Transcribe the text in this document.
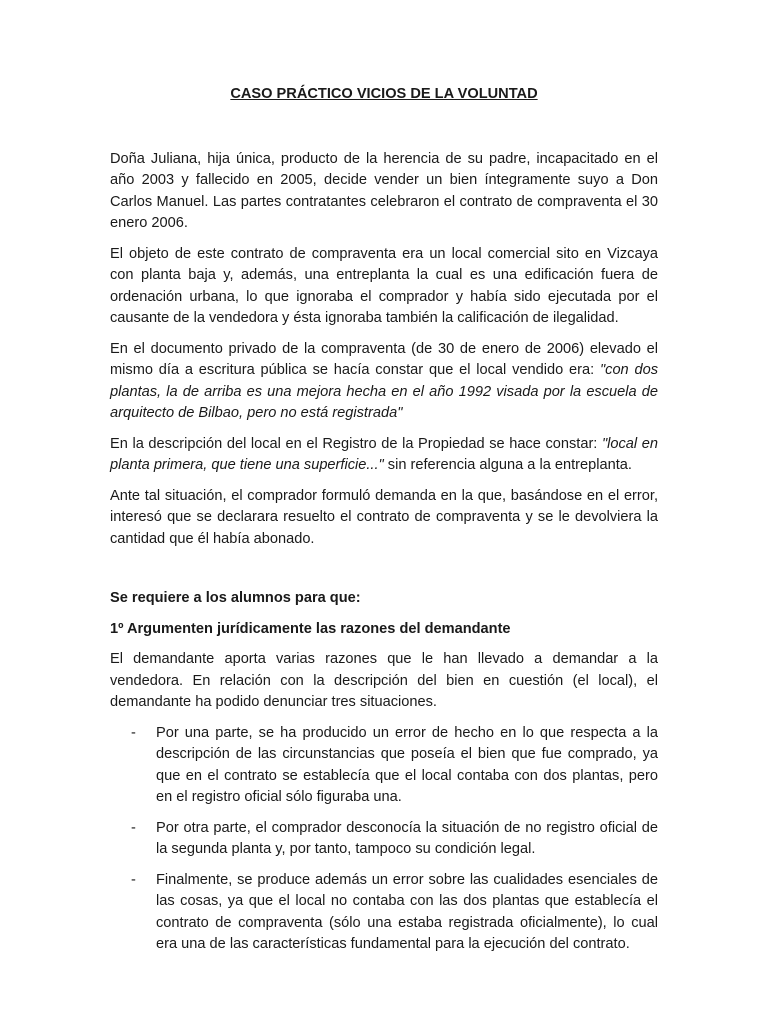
CASO PRÁCTICO VICIOS DE LA VOLUNTAD

Doña Juliana, hija única, producto de la herencia de su padre, incapacitado en el año 2003 y fallecido en 2005, decide vender un bien íntegramente suyo a Don Carlos Manuel. Las partes contratantes celebraron el contrato de compraventa el 30 enero 2006.

El objeto de este contrato de compraventa era un local comercial sito en Vizcaya con planta baja y, además, una entreplanta la cual es una edificación fuera de ordenación urbana, lo que ignoraba el comprador y había sido ejecutada por el causante de la vendedora y ésta ignoraba también la calificación de ilegalidad.

En el documento privado de la compraventa (de 30 de enero de 2006) elevado el mismo día a escritura pública se hacía constar que el local vendido era: "con dos plantas, la de arriba es una mejora hecha en el año 1992 visada por la escuela de arquitecto de Bilbao, pero no está registrada"

En la descripción del local en el Registro de la Propiedad se hace constar: "local en planta primera, que tiene una superficie..." sin referencia alguna a la entreplanta.

Ante tal situación, el comprador formuló demanda en la que, basándose en el error, interesó que se declarara resuelto el contrato de compraventa y se le devolviera la cantidad que él había abonado.

Se requiere a los alumnos para que:
1º Argumenten jurídicamente las razones del demandante

El demandante aporta varias razones que le han llevado a demandar a la vendedora. En relación con la descripción del bien en cuestión (el local), el demandante ha podido denunciar tres situaciones.

- Por una parte, se ha producido un error de hecho en lo que respecta a la descripción de las circunstancias que poseía el bien que fue comprado, ya que en el contrato se establecía que el local contaba con dos plantas, pero en el registro oficial sólo figuraba una.
- Por otra parte, el comprador desconocía la situación de no registro oficial de la segunda planta y, por tanto, tampoco su condición legal.
- Finalmente, se produce además un error sobre las cualidades esenciales de las cosas, ya que el local no contaba con las dos plantas que establecía el contrato de compraventa (sólo una estaba registrada oficialmente), lo cual era una de las características fundamental para la ejecución del contrato.
